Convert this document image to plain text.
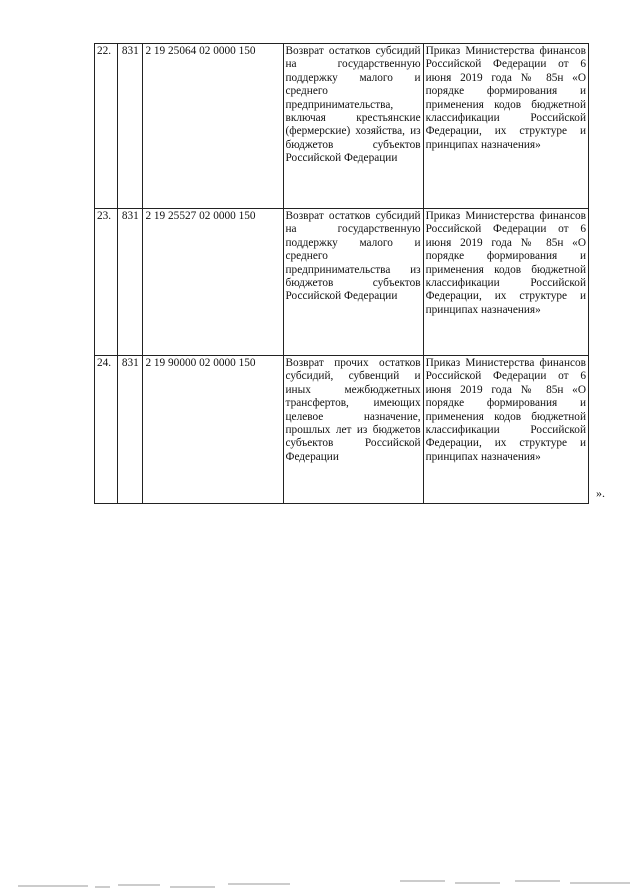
22.	831	2 19 25064 02 0000 150	Возврат остатков субсидий на государственную поддержку малого и среднего предпринимательства, включая крестьянские (фермерские) хозяйства, из бюджетов субъектов Российской Федерации	Приказ Министерства финансов Российской Федерации от 6 июня 2019 года № 85н «О порядке формирования и применения кодов бюджетной классификации Российской Федерации, их структуре и принципах назначения»
23.	831	2 19 25527 02 0000 150	Возврат остатков субсидий на государственную поддержку малого и среднего предпринимательства из бюджетов субъектов Российской Федерации	Приказ Министерства финансов Российской Федерации от 6 июня 2019 года № 85н «О порядке формирования и применения кодов бюджетной классификации Российской Федерации, их структуре и принципах назначения»
24.	831	2 19 90000 02 0000 150	Возврат прочих остатков субсидий, субвенций и иных межбюджетных трансфертов, имеющих целевое назначение, прошлых лет из бюджетов субъектов Российской Федерации	Приказ Министерства финансов Российской Федерации от 6 июня 2019 года № 85н «О порядке формирования и применения кодов бюджетной классификации Российской Федерации, их структуре и принципах назначения»
».
